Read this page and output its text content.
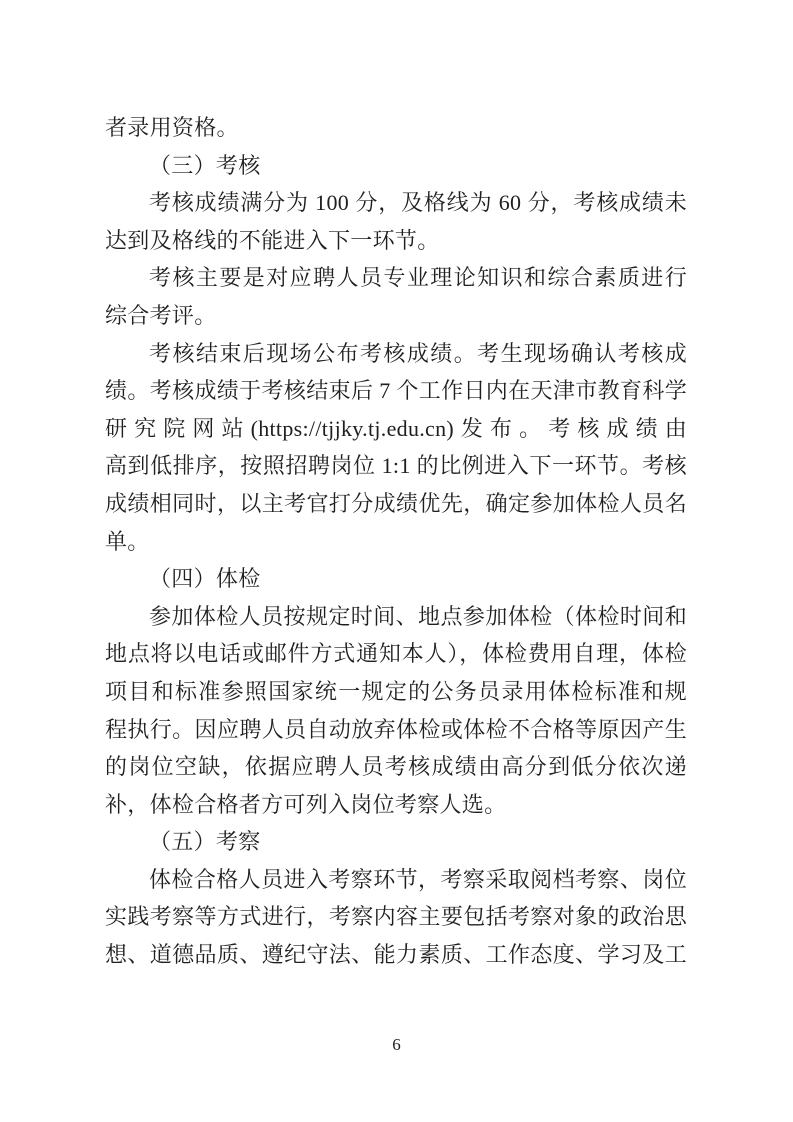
者录用资格。
（三）考核
考核成绩满分为 100 分，及格线为 60 分，考核成绩未
达到及格线的不能进入下一环节。
考核主要是对应聘人员专业理论知识和综合素质进行
综合考评。
考核结束后现场公布考核成绩。考生现场确认考核成
绩。考核成绩于考核结束后 7 个工作日内在天津市教育科学
研究院网站(https://tjjky.tj.edu.cn)发布。考核成绩由
高到低排序，按照招聘岗位 1:1 的比例进入下一环节。考核
成绩相同时，以主考官打分成绩优先，确定参加体检人员名
单。
（四）体检
参加体检人员按规定时间、地点参加体检（体检时间和
地点将以电话或邮件方式通知本人），体检费用自理，体检
项目和标准参照国家统一规定的公务员录用体检标准和规
程执行。因应聘人员自动放弃体检或体检不合格等原因产生
的岗位空缺，依据应聘人员考核成绩由高分到低分依次递
补，体检合格者方可列入岗位考察人选。
（五）考察
体检合格人员进入考察环节，考察采取阅档考察、岗位
实践考察等方式进行，考察内容主要包括考察对象的政治思
想、道德品质、遵纪守法、能力素质、工作态度、学习及工
6
